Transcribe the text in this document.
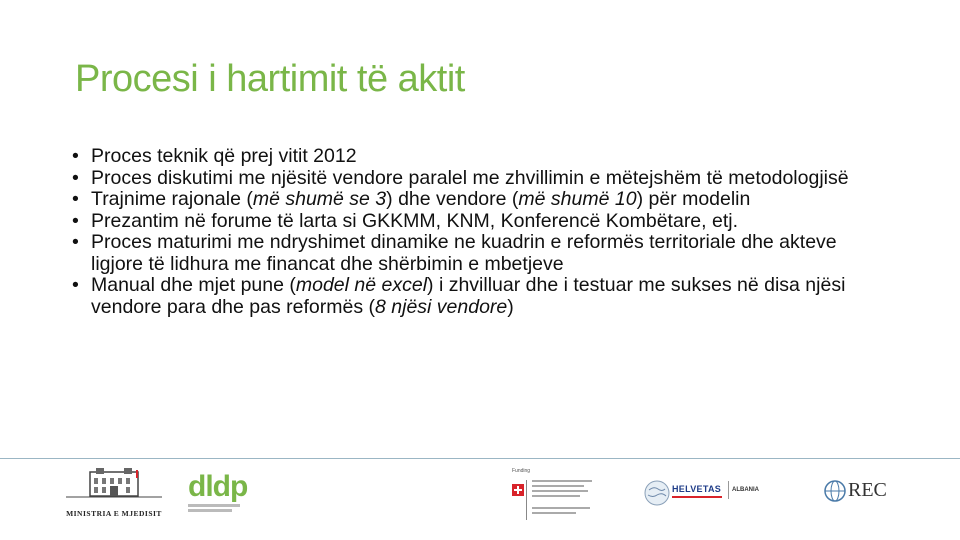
Procesi i hartimit të aktit
• Proces teknik që prej vitit 2012
• Proces diskutimi me njësitë vendore paralel me zhvillimin e mëtejshëm të metodologjisë
• Trajnime rajonale (më shumë se 3) dhe vendore (më shumë 10) për modelin
• Prezantim në forume të larta si GKKMM, KNM, Konferencë Kombëtare, etj.
• Proces maturimi me ndryshimet dinamike ne kuadrin e reformës territoriale dhe akteve ligjore të lidhura me financat dhe shërbimin e mbetjeve
• Manual dhe mjet pune (model në excel) i zhvilluar dhe i testuar me sukses në disa njësi vendore para dhe pas reformës (8 njësi vendore)
MINISTRIA E MJEDISIT
dldp	Funding
HELVETAS ALBANIA	REC
